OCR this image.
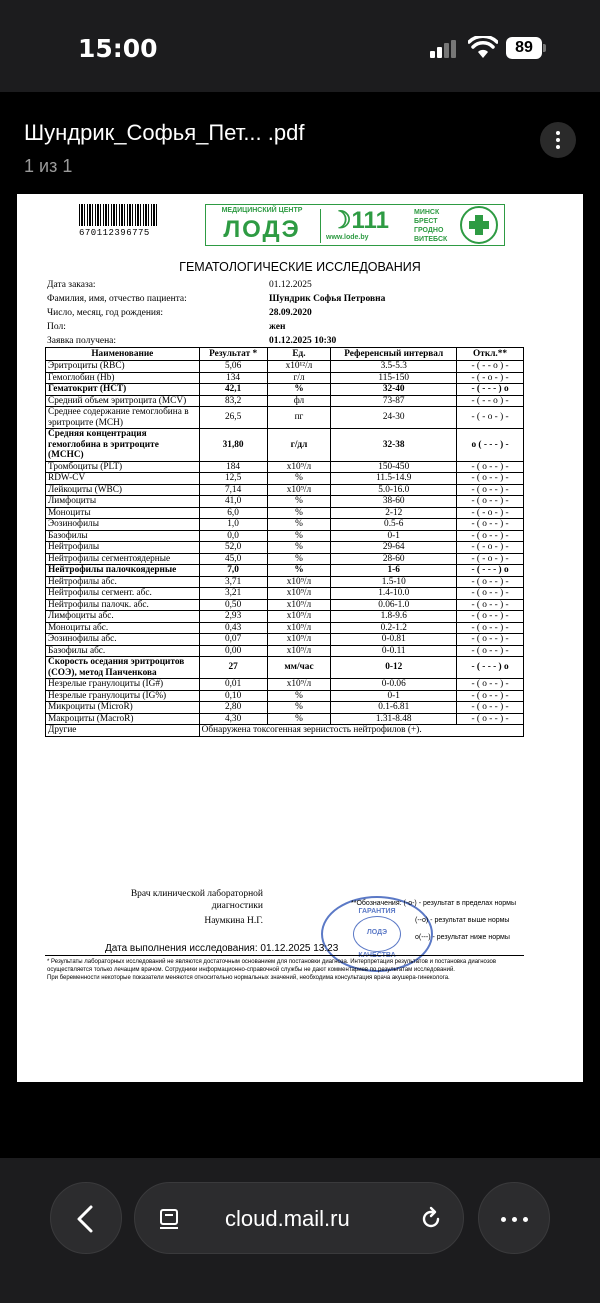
15:00	89
Шундрик_Софья_Пет... .pdf
1 из 1
670112396775
МЕДИЦИНСКИЙ ЦЕНТР
ЛОДЭ	☽111
www.lode.by
МИНСК
БРЕСТ
ГРОДНО
ВИТЕБСК
ГЕМАТОЛОГИЧЕСКИЕ ИССЛЕДОВАНИЯ
Дата заказа:	01.12.2025
Фамилия, имя, отчество пациента:	Шундрик Софья Петровна
Число, месяц, год рождения:	28.09.2020
Пол:	жен
Заявка получена:	01.12.2025 10:30
Наименование	Результат *	Ед.	Референсный интервал	Откл.**
Эритроциты (RBC)	5,06	х10¹²/л	3.5-5.3	- ( - - о ) -
Гемоглобин (Hb)	134	г/л	115-150	- ( - о - ) -
Гематокрит (HCT)	42,1	%	32-40	- ( - - - ) о
Средний объем эритроцита (MCV)	83,2	фл	73-87	- ( - - о ) -
Среднее содержание гемоглобина в эритроците (MCH)	26,5	пг	24-30	- ( - о - ) -
Средняя концентрация гемоглобина в эритроците (MCHC)	31,80	г/дл	32-38	о ( - - - ) -
Тромбоциты (PLT)	184	х10⁹/л	150-450	- ( о - - ) -
RDW-CV	12,5	%	11.5-14.9	- ( о - - ) -
Лейкоциты (WBC)	7,14	х10⁹/л	5.0-16.0	- ( о - - ) -
Лимфоциты	41,0	%	38-60	- ( о - - ) -
Моноциты	6,0	%	2-12	- ( - о - ) -
Эозинофилы	1,0	%	0.5-6	- ( о - - ) -
Базофилы	0,0	%	0-1	- ( о - - ) -
Нейтрофилы	52,0	%	29-64	- ( - о - ) -
Нейтрофилы сегментоядерные	45,0	%	28-60	- ( - о - ) -
Нейтрофилы палочкоядерные	7,0	%	1-6	- ( - - - ) о
Нейтрофилы абс.	3,71	х10⁹/л	1.5-10	- ( о - - ) -
Нейтрофилы сегмент. абс.	3,21	х10⁹/л	1.4-10.0	- ( о - - ) -
Нейтрофилы палочк. абс.	0,50	х10⁹/л	0.06-1.0	- ( о - - ) -
Лимфоциты абс.	2,93	х10⁹/л	1.8-9.6	- ( о - - ) -
Моноциты абс.	0,43	х10⁹/л	0.2-1.2	- ( о - - ) -
Эозинофилы абс.	0,07	х10⁹/л	0-0.81	- ( о - - ) -
Базофилы абс.	0,00	х10⁹/л	0-0.11	- ( о - - ) -
Скорость оседания эритроцитов (СОЭ), метод Панченкова	27	мм/час	0-12	- ( - - - ) о
Незрелые гранулоциты (IG#)	0,01	х10⁹/л	0-0.06	- ( о - - ) -
Незрелые гранулоциты (IG%)	0,10	%	0-1	- ( о - - ) -
Микроциты (MicroR)	2,80	%	0.1-6.81	- ( о - - ) -
Макроциты (MacroR)	4,30	%	1.31-8.48	- ( о - - ) -
Другие	Обнаружена токсогенная зернистость нейтрофилов (+).			
Врач клинической лабораторной диагностики
Наумкина Н.Г.
ГАРАНТИЯ
ЛОДЭ
**Обозначения: (-о-) - результат в пределах нормы
(--о) - результат выше нормы
о(---) - результат ниже нормы
Дата выполнения исследования: 01.12.2025 13:23
* Результаты лабораторных исследований не являются достаточным основанием для постановки диагноза. Интерпретация результатов и постановка диагнозов осуществляется только лечащим врачом. Сотрудники информационно-справочной службы не дают комментариев по результатам исследований.
При беременности некоторые показатели меняются относительно нормальных значений, необходима консультация врача акушера-гинеколога.
cloud.mail.ru
